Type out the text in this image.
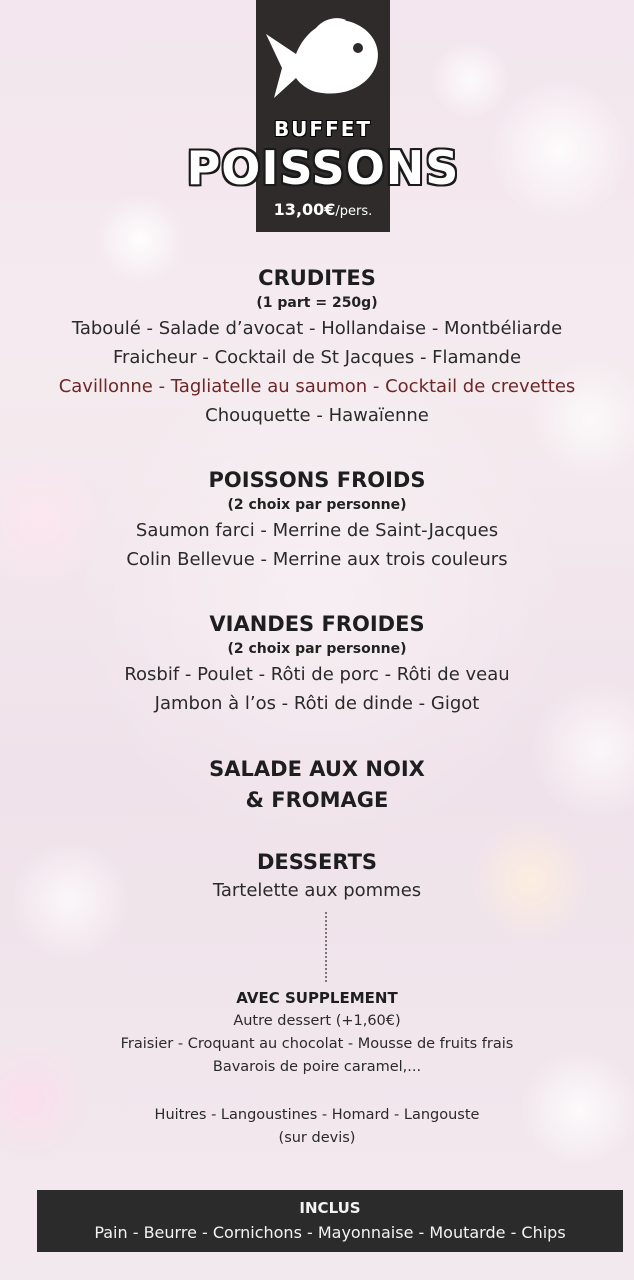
BUFFET
POISSONS
13,00€/pers.
CRUDITES
(1 part = 250g)
Taboulé - Salade d’avocat - Hollandaise - Montbéliarde
Fraicheur - Cocktail de St Jacques - Flamande
Cavillonne - Tagliatelle au saumon - Cocktail de crevettes
Chouquette - Hawaïenne
POISSONS FROIDS
(2 choix par personne)
Saumon farci - Merrine de Saint-Jacques
Colin Bellevue - Merrine aux trois couleurs
VIANDES FROIDES
(2 choix par personne)
Rosbif - Poulet - Rôti de porc - Rôti de veau
Jambon à l’os - Rôti de dinde - Gigot
SALADE AUX NOIX
& FROMAGE
DESSERTS
Tartelette aux pommes
AVEC SUPPLEMENT
Autre dessert (+1,60€)
Fraisier - Croquant au chocolat - Mousse de fruits frais
Bavarois de poire caramel,...
Huitres - Langoustines - Homard - Langouste
(sur devis)
INCLUS
Pain - Beurre - Cornichons - Mayonnaise - Moutarde - Chips
